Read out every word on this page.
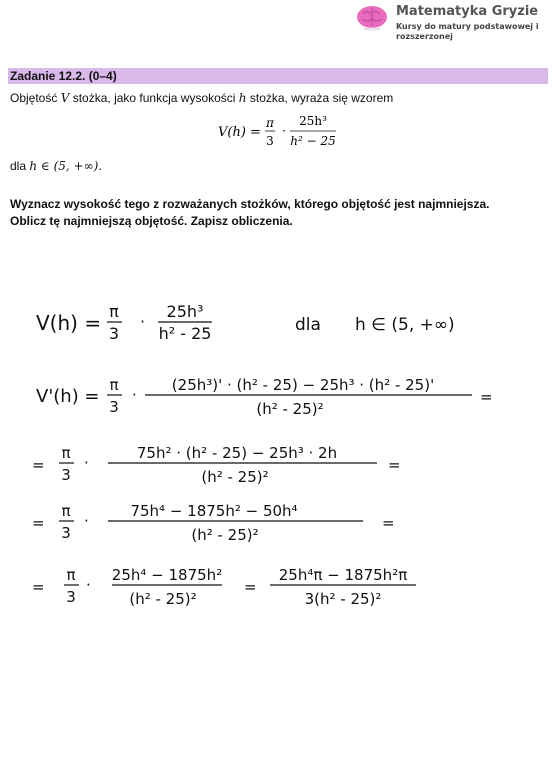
Matematyka Gryzie
Kursy do matury podstawowej i rozszerzonej
Zadanie 12.2. (0–4)
Objętość V stożka, jako funkcja wysokości h stożka, wyraża się wzorem
V(h) =
π
3
·
25h³
h² − 25
dla h ∈ (5, +∞).
Wyznacz wysokość tego z rozważanych stożków, którego objętość jest najmniejsza.
Oblicz tę najmniejszą objętość. Zapisz obliczenia.
V(h) = π
3
·
25h³
h² - 25	dla h ∈ (5, +∞)
V'(h) =
π
3
·
(25h³)' · (h² - 25) − 25h³ · (h² - 25)'
(h² - 25)²
=
=
π
3
·
75h² · (h² - 25) − 25h³ · 2h
(h² - 25)²
=
=
π
3
·
75h⁴ − 1875h² − 50h⁴
(h² - 25)²
=
=
π
3
·
25h⁴ − 1875h²
(h² - 25)²
=
25h⁴π − 1875h²π
3(h² - 25)²
